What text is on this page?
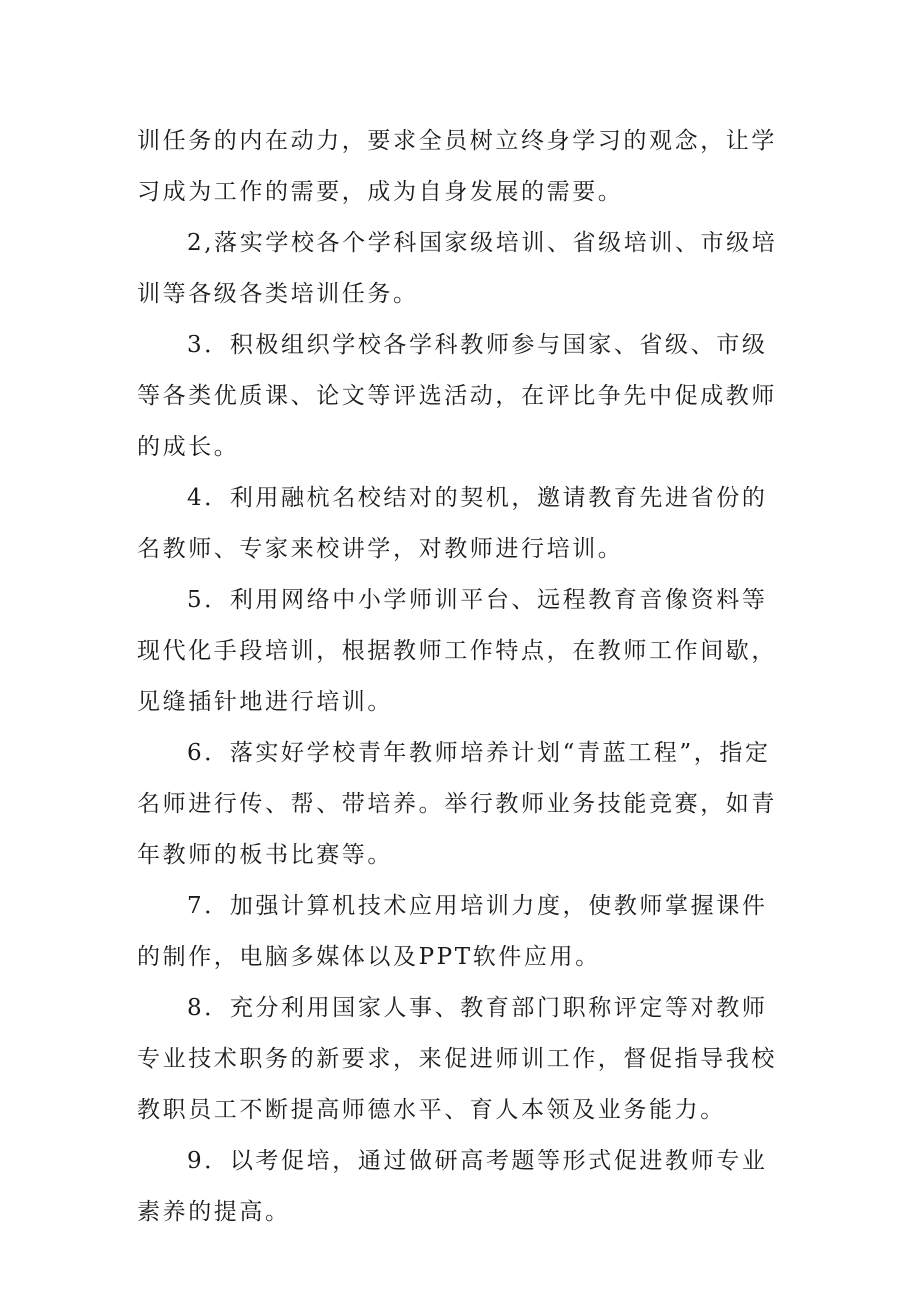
训任务的内在动力，要求全员树立终身学习的观念，让学习成为工作的需要，成为自身发展的需要。

2,落实学校各个学科国家级培训、省级培训、市级培训等各级各类培训任务。

3．积极组织学校各学科教师参与国家、省级、市级等各类优质课、论文等评选活动，在评比争先中促成教师的成长。

4．利用融杭名校结对的契机，邀请教育先进省份的名教师、专家来校讲学，对教师进行培训。

5．利用网络中小学师训平台、远程教育音像资料等现代化手段培训，根据教师工作特点，在教师工作间歇，见缝插针地进行培训。

6．落实好学校青年教师培养计划“青蓝工程”，指定名师进行传、帮、带培养。举行教师业务技能竞赛，如青年教师的板书比赛等。

7．加强计算机技术应用培训力度，使教师掌握课件的制作，电脑多媒体以及PPT软件应用。

8．充分利用国家人事、教育部门职称评定等对教师专业技术职务的新要求，来促进师训工作，督促指导我校教职员工不断提高师德水平、育人本领及业务能力。

9．以考促培，通过做研高考题等形式促进教师专业素养的提高。
